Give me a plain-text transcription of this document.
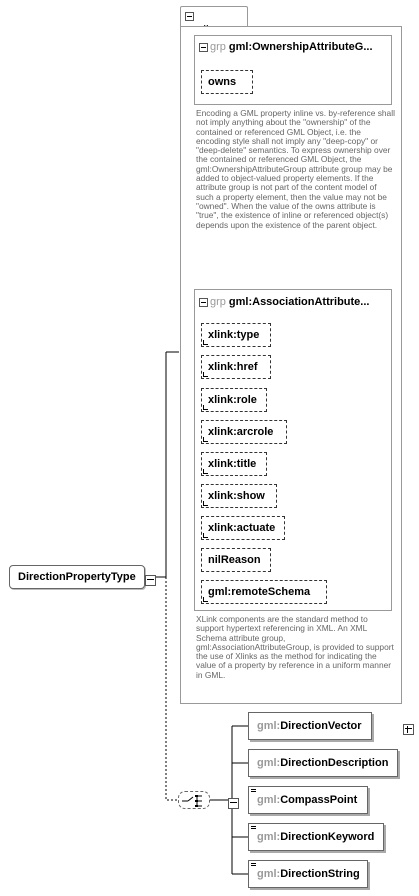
grp gml:OwnershipAttributeG...
owns
Encoding a GML property inline vs. by-reference shall not imply anything about the "ownership" of the contained or referenced GML Object, i.e. the encoding style shall not imply any "deep-copy" or "deep-delete" semantics. To express ownership over the contained or referenced GML Object, the gml:OwnershipAttributeGroup attribute group may be added to object-valued property elements. If the attribute group is not part of the content model of such a property element, then the value may not be "owned". When the value of the owns attribute is "true", the existence of inline or referenced object(s) depends upon the existence of the parent object.
grp gml:AssociationAttribute...
xlink:type
xlink:href
xlink:role
xlink:arcrole
xlink:title
xlink:show
xlink:actuate
nilReason
gml:remoteSchema
XLink components are the standard method to support hypertext referencing in XML. An XML Schema attribute group, gml:AssociationAttributeGroup, is provided to support the use of Xlinks as the method for indicating the value of a property by reference in a uniform manner in GML.
DirectionPropertyType

gml:DirectionVector

gml:DirectionDescription

gml:CompassPoint
gml:DirectionKeyword

gml:DirectionString
